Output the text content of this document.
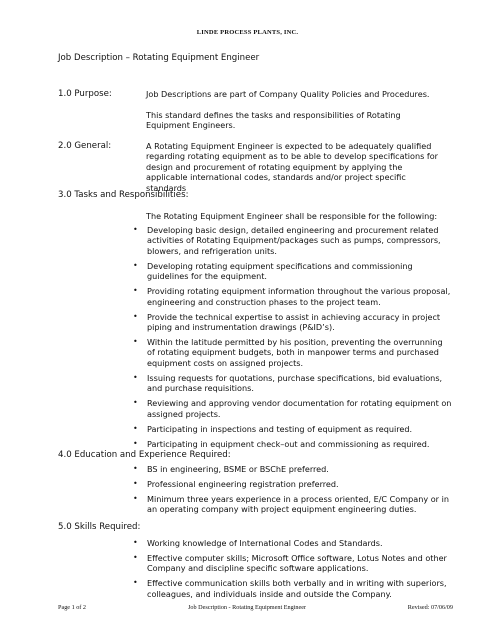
LINDE PROCESS PLANTS, INC.
Job Description – Rotating Equipment Engineer
1.0 Purpose:	Job Descriptions are part of Company Quality Policies and Procedures.
This standard defines the tasks and responsibilities of Rotating Equipment Engineers.
2.0 General:	A Rotating Equipment Engineer is expected to be adequately qualified regarding rotating equipment as to be able to develop specifications for design and procurement of rotating equipment by applying the applicable international codes, standards and/or project specific standards
3.0 Tasks and Responsibilities:
The Rotating Equipment Engineer shall be responsible for the following:
• Developing basic design, detailed engineering and procurement related activities of Rotating Equipment/packages such as pumps, compressors, blowers, and refrigeration units.
• Developing rotating equipment specifications and commissioning guidelines for the equipment.
• Providing rotating equipment information throughout the various proposal, engineering and construction phases to the project team.
• Provide the technical expertise to assist in achieving accuracy in project piping and instrumentation drawings (P&ID’s).
• Within the latitude permitted by his position, preventing the overrunning of rotating equipment budgets, both in manpower terms and purchased equipment costs on assigned projects.
• Issuing requests for quotations, purchase specifications, bid evaluations, and purchase requisitions.
• Reviewing and approving vendor documentation for rotating equipment on assigned projects.
• Participating in inspections and testing of equipment as required.
• Participating in equipment check–out and commissioning as required.
4.0 Education and Experience Required:
• BS in engineering, BSME or BSChE preferred.
• Professional engineering registration preferred.
• Minimum three years experience in a process oriented, E/C Company or in an operating company with project equipment engineering duties.
5.0 Skills Required:
• Working knowledge of International Codes and Standards.
• Effective computer skills; Microsoft Office software, Lotus Notes and other Company and discipline specific software applications.
• Effective communication skills both verbally and in writing with superiors, colleagues, and individuals inside and outside the Company.
Page 1 of 2	Job Description - Rotating Equipment Engineer	Revised: 07/06/09
